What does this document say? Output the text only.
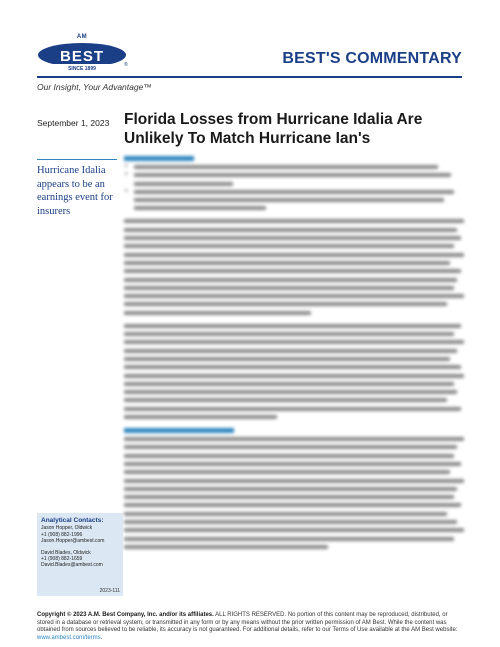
AM
BEST
SINCE 1899
®	BEST'S COMMENTARY
Our Insight, Your Advantage™
September 1, 2023 Florida Losses from Hurricane Idalia Are Unlikely To Match Hurricane Ian's
Hurricane Idalia appears to be an earnings event for insurers
•
•
•
Analytical Contacts:
Jason Hopper, Oldwick
+1 (908) 882-1996
Jason.Hopper@ambest.com
David Blades, Oldwick
+1 (908) 882-1659
David.Blades@ambest.com
2023-111
Copyright © 2023 A.M. Best Company, Inc. and/or its affiliates. ALL RIGHTS RESERVED. No portion of this content may be reproduced, distributed, or stored in a database or retrieval system, or transmitted in any form or by any means without the prior written permission of AM Best. While the content was obtained from sources believed to be reliable, its accuracy is not guaranteed. For additional details, refer to our Terms of Use available at the AM Best website: www.ambest.com/terms.
